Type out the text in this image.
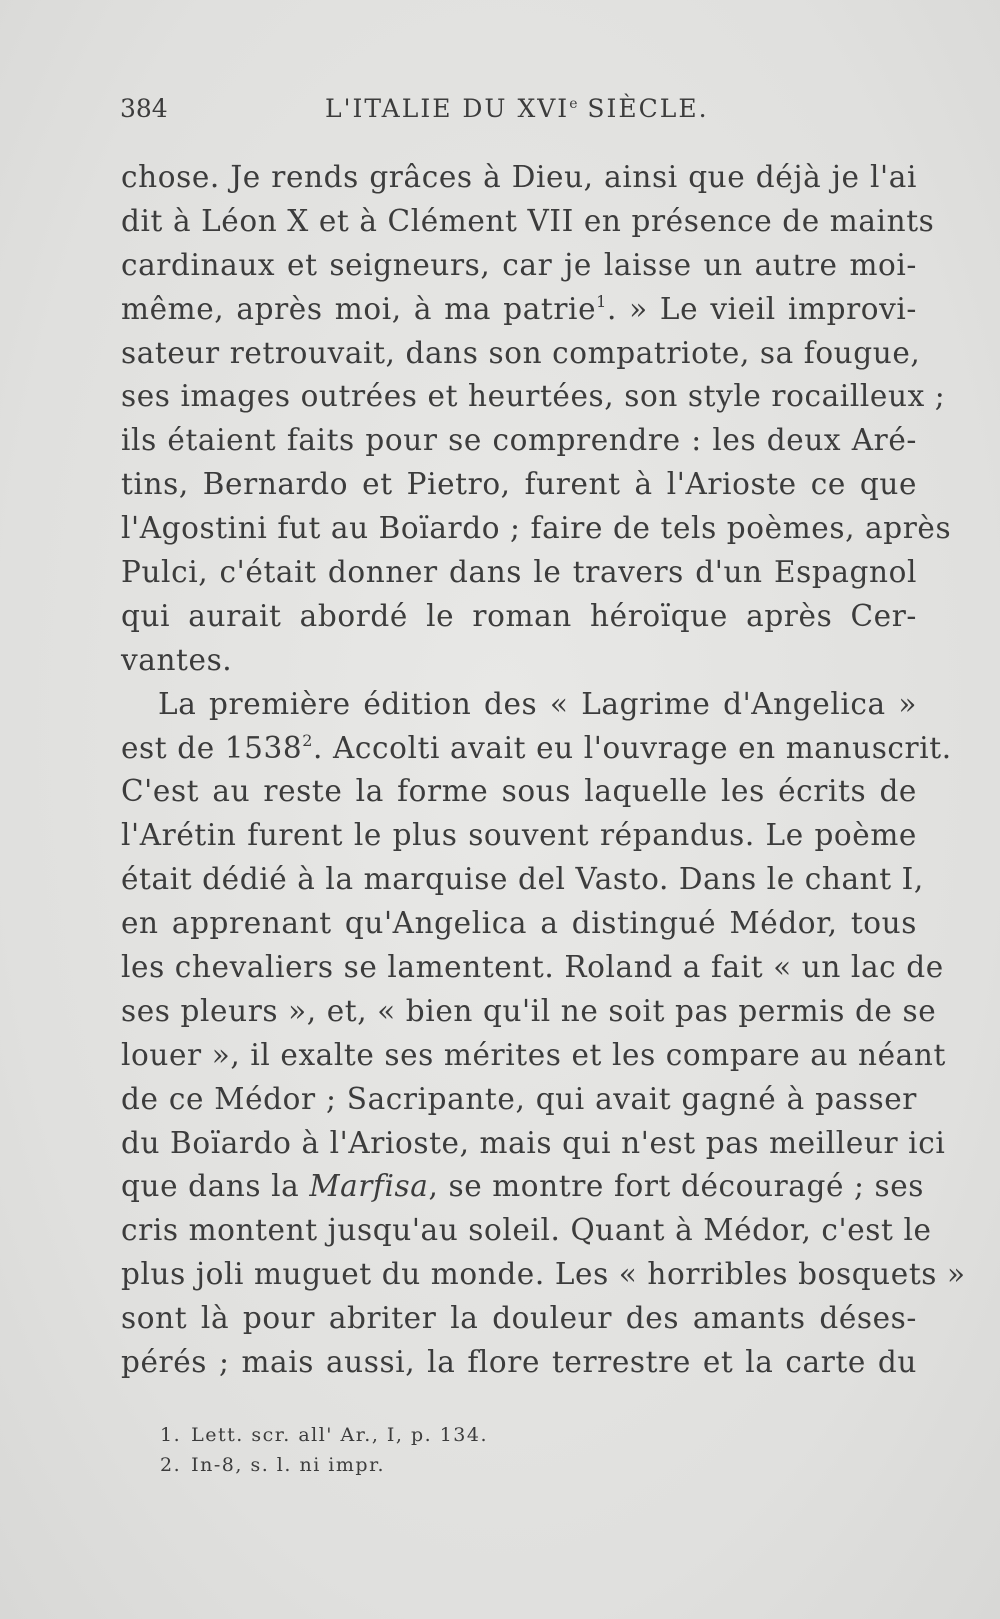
384	L'ITALIE DU XVIe SIÈCLE.
chose. Je rends grâces à Dieu, ainsi que déjà je l'ai
dit à Léon X et à Clément VII en présence de maints
cardinaux et seigneurs, car je laisse un autre moi-
même, après moi, à ma patrie$^1$. » Le vieil improvi-
sateur retrouvait, dans son compatriote, sa fougue,
ses images outrées et heurtées, son style rocailleux ;
ils étaient faits pour se comprendre : les deux Aré-
tins, Bernardo et Pietro, furent à l'Arioste ce que
l'Agostini fut au Boïardo ; faire de tels poèmes, après
Pulci, c'était donner dans le travers d'un Espagnol
qui aurait abordé le roman héroïque après Cer-
vantes.
La première édition des « Lagrime d'Angelica »
est de 1538$^2$. Accolti avait eu l'ouvrage en manuscrit.
C'est au reste la forme sous laquelle les écrits de
l'Arétin furent le plus souvent répandus. Le poème
était dédié à la marquise del Vasto. Dans le chant I,
en apprenant qu'Angelica a distingué Médor, tous
les chevaliers se lamentent. Roland a fait « un lac de
ses pleurs », et, « bien qu'il ne soit pas permis de se
louer », il exalte ses mérites et les compare au néant
de ce Médor ; Sacripante, qui avait gagné à passer
du Boïardo à l'Arioste, mais qui n'est pas meilleur ici
que dans la Marfisa, se montre fort découragé ; ses
cris montent jusqu'au soleil. Quant à Médor, c'est le
plus joli muguet du monde. Les « horribles bosquets »
sont là pour abriter la douleur des amants déses-
pérés ; mais aussi, la flore terrestre et la carte du
1. Lett. scr. all' Ar., I, p. 134.
2. In-8, s. l. ni impr.
